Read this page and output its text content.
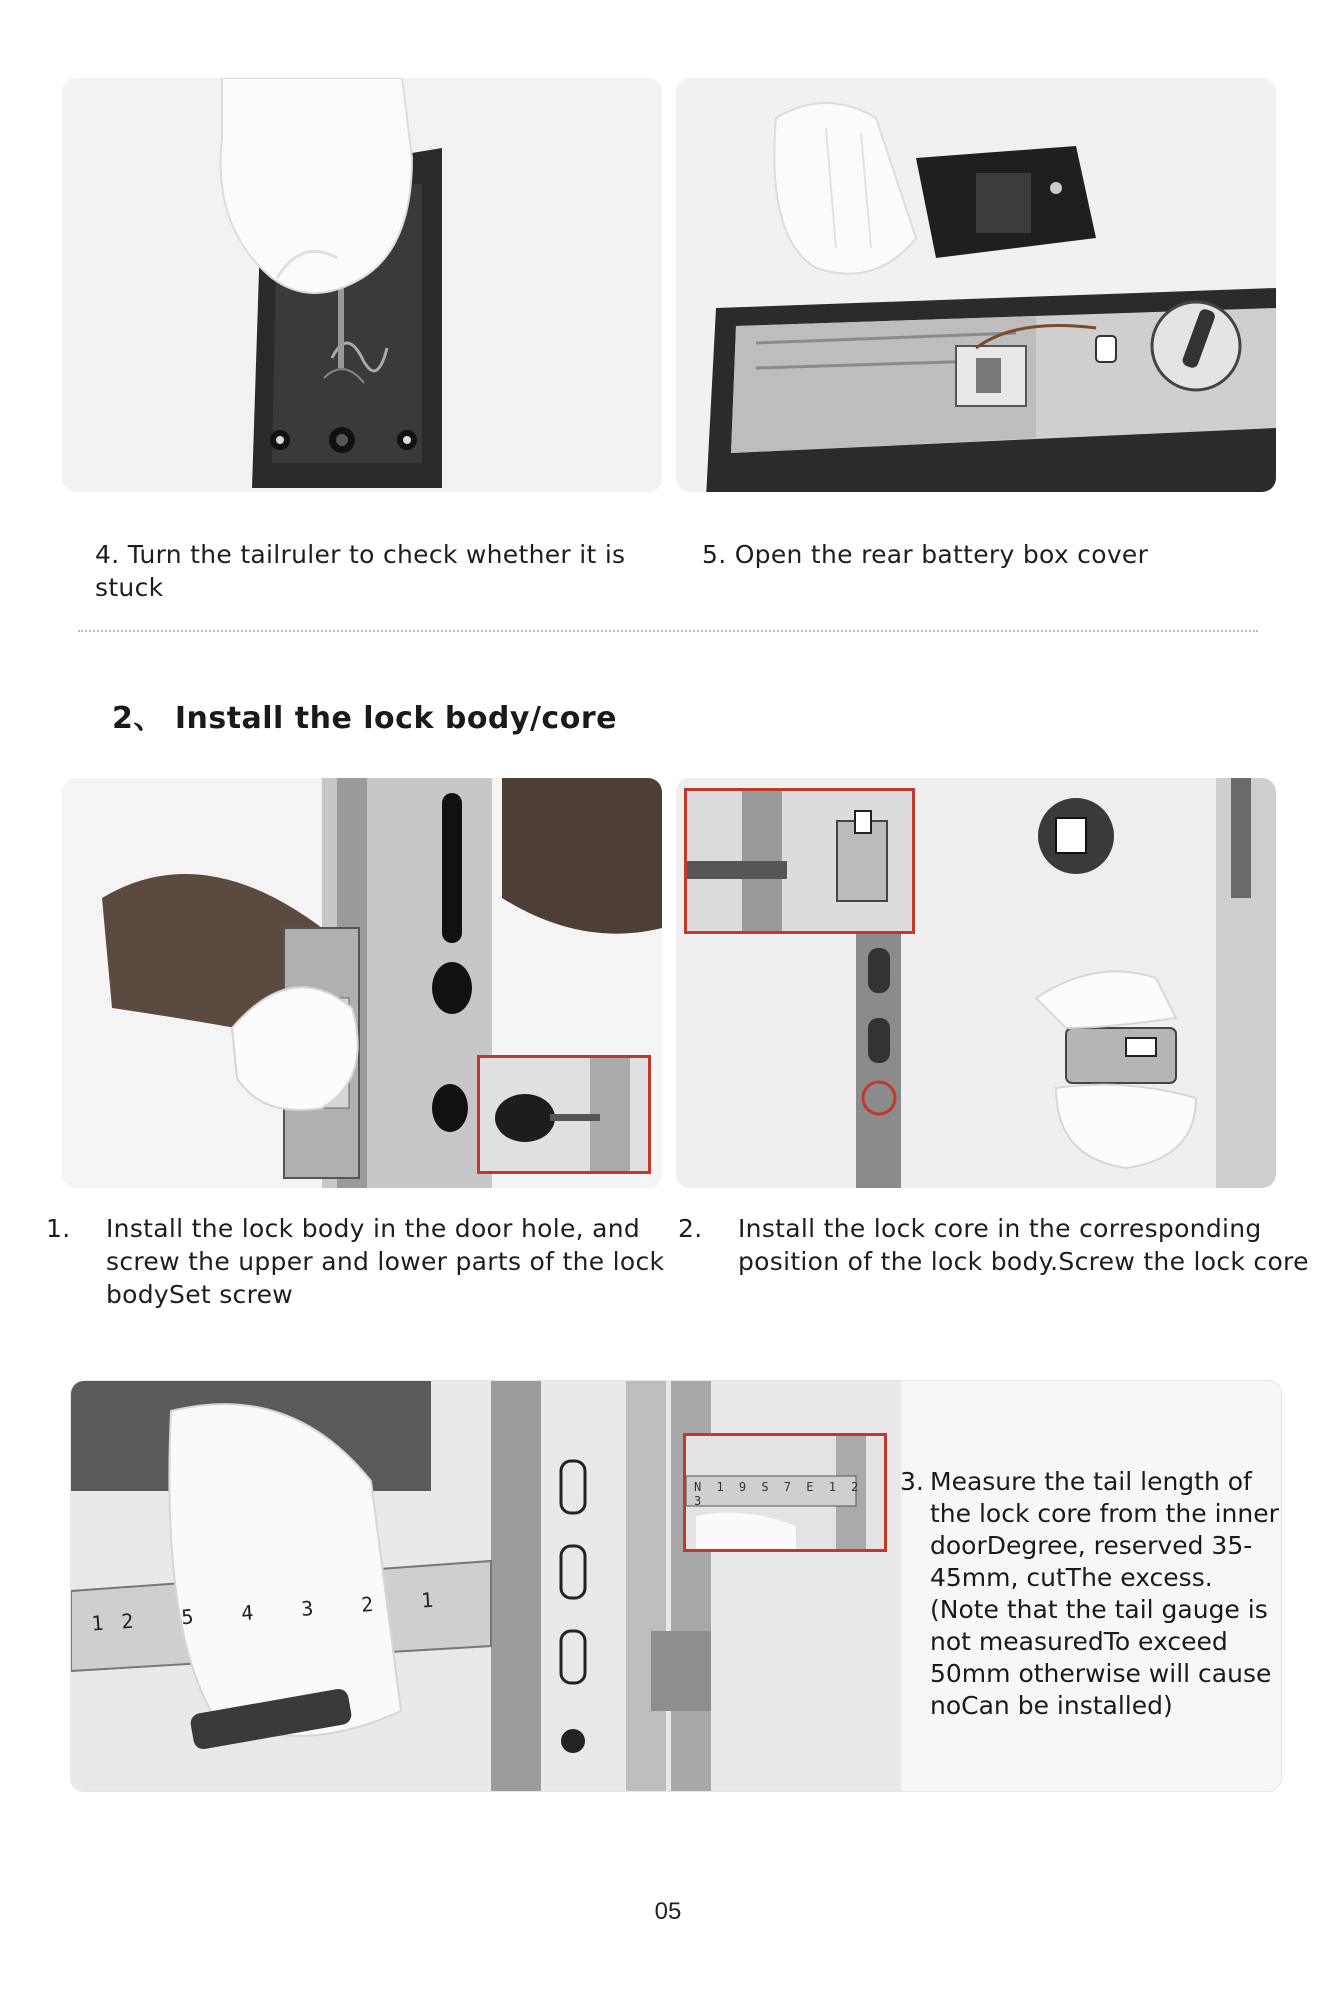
4. Turn the tailruler to check whether it is stuck
5. Open the rear battery box cover
2、 Install the lock body/core
1. Install the lock body in the door hole, and screw the upper and lower parts of the lock bodySet screw
2. Install the lock core in the corresponding position of the lock body.Screw the lock core
12 5 4 3 2 1
N 1 9 S 7 E 1 2 3
3. Measure the tail length of the lock core from the inner doorDegree, reserved 35-45mm, cutThe excess. (Note that the tail gauge is not measuredTo exceed 50mm otherwise will cause noCan be installed)
05
